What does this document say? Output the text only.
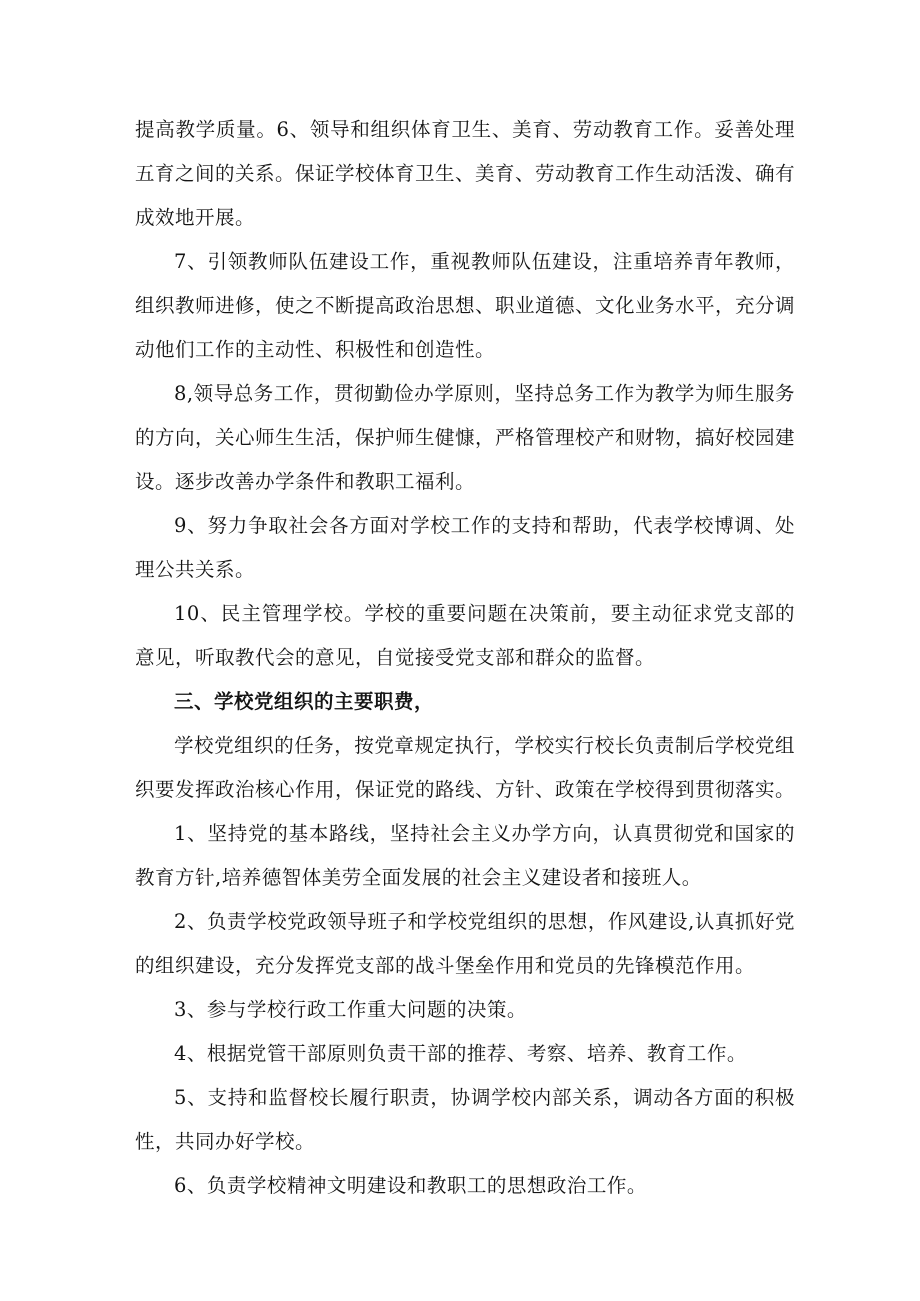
提高教学质量。6、领导和组织体育卫生、美育、劳动教育工作。妥善处理五育之间的关系。保证学校体育卫生、美育、劳动教育工作生动活泼、确有成效地开展。

7、引领教师队伍建设工作，重视教师队伍建设，注重培养青年教师，组织教师进修，使之不断提高政治思想、职业道德、文化业务水平，充分调动他们工作的主动性、积极性和创造性。

8,领导总务工作，贯彻勤俭办学原则，坚持总务工作为教学为师生服务的方向，关心师生生活，保护师生健慷，严格管理校产和财物，搞好校园建设。逐步改善办学条件和教职工福利。

9、努力争取社会各方面对学校工作的支持和帮助，代表学校博调、处理公共关系。

10、民主管理学校。学校的重要问题在决策前，要主动征求党支部的意见，听取教代会的意见，自觉接受党支部和群众的监督。

三、学校党组织的主要职费，

学校党组织的任务，按党章规定执行，学校实行校长负责制后学校党组织要发挥政治核心作用，保证党的路线、方针、政策在学校得到贯彻落实。

1、坚持党的基本路线，坚持社会主义办学方向，认真贯彻党和国家的教育方针,培养德智体美劳全面发展的社会主义建设者和接班人。

2、负责学校党政领导班子和学校党组织的思想，作风建设,认真抓好党的组织建设，充分发挥党支部的战斗堡垒作用和党员的先锋模范作用。

3、参与学校行政工作重大问题的决策。

4、根据党管干部原则负责干部的推荐、考察、培养、教育工作。

5、支持和监督校长履行职责，协调学校内部关系，调动各方面的积极性，共同办好学校。

6、负责学校精神文明建设和教职工的思想政治工作。
